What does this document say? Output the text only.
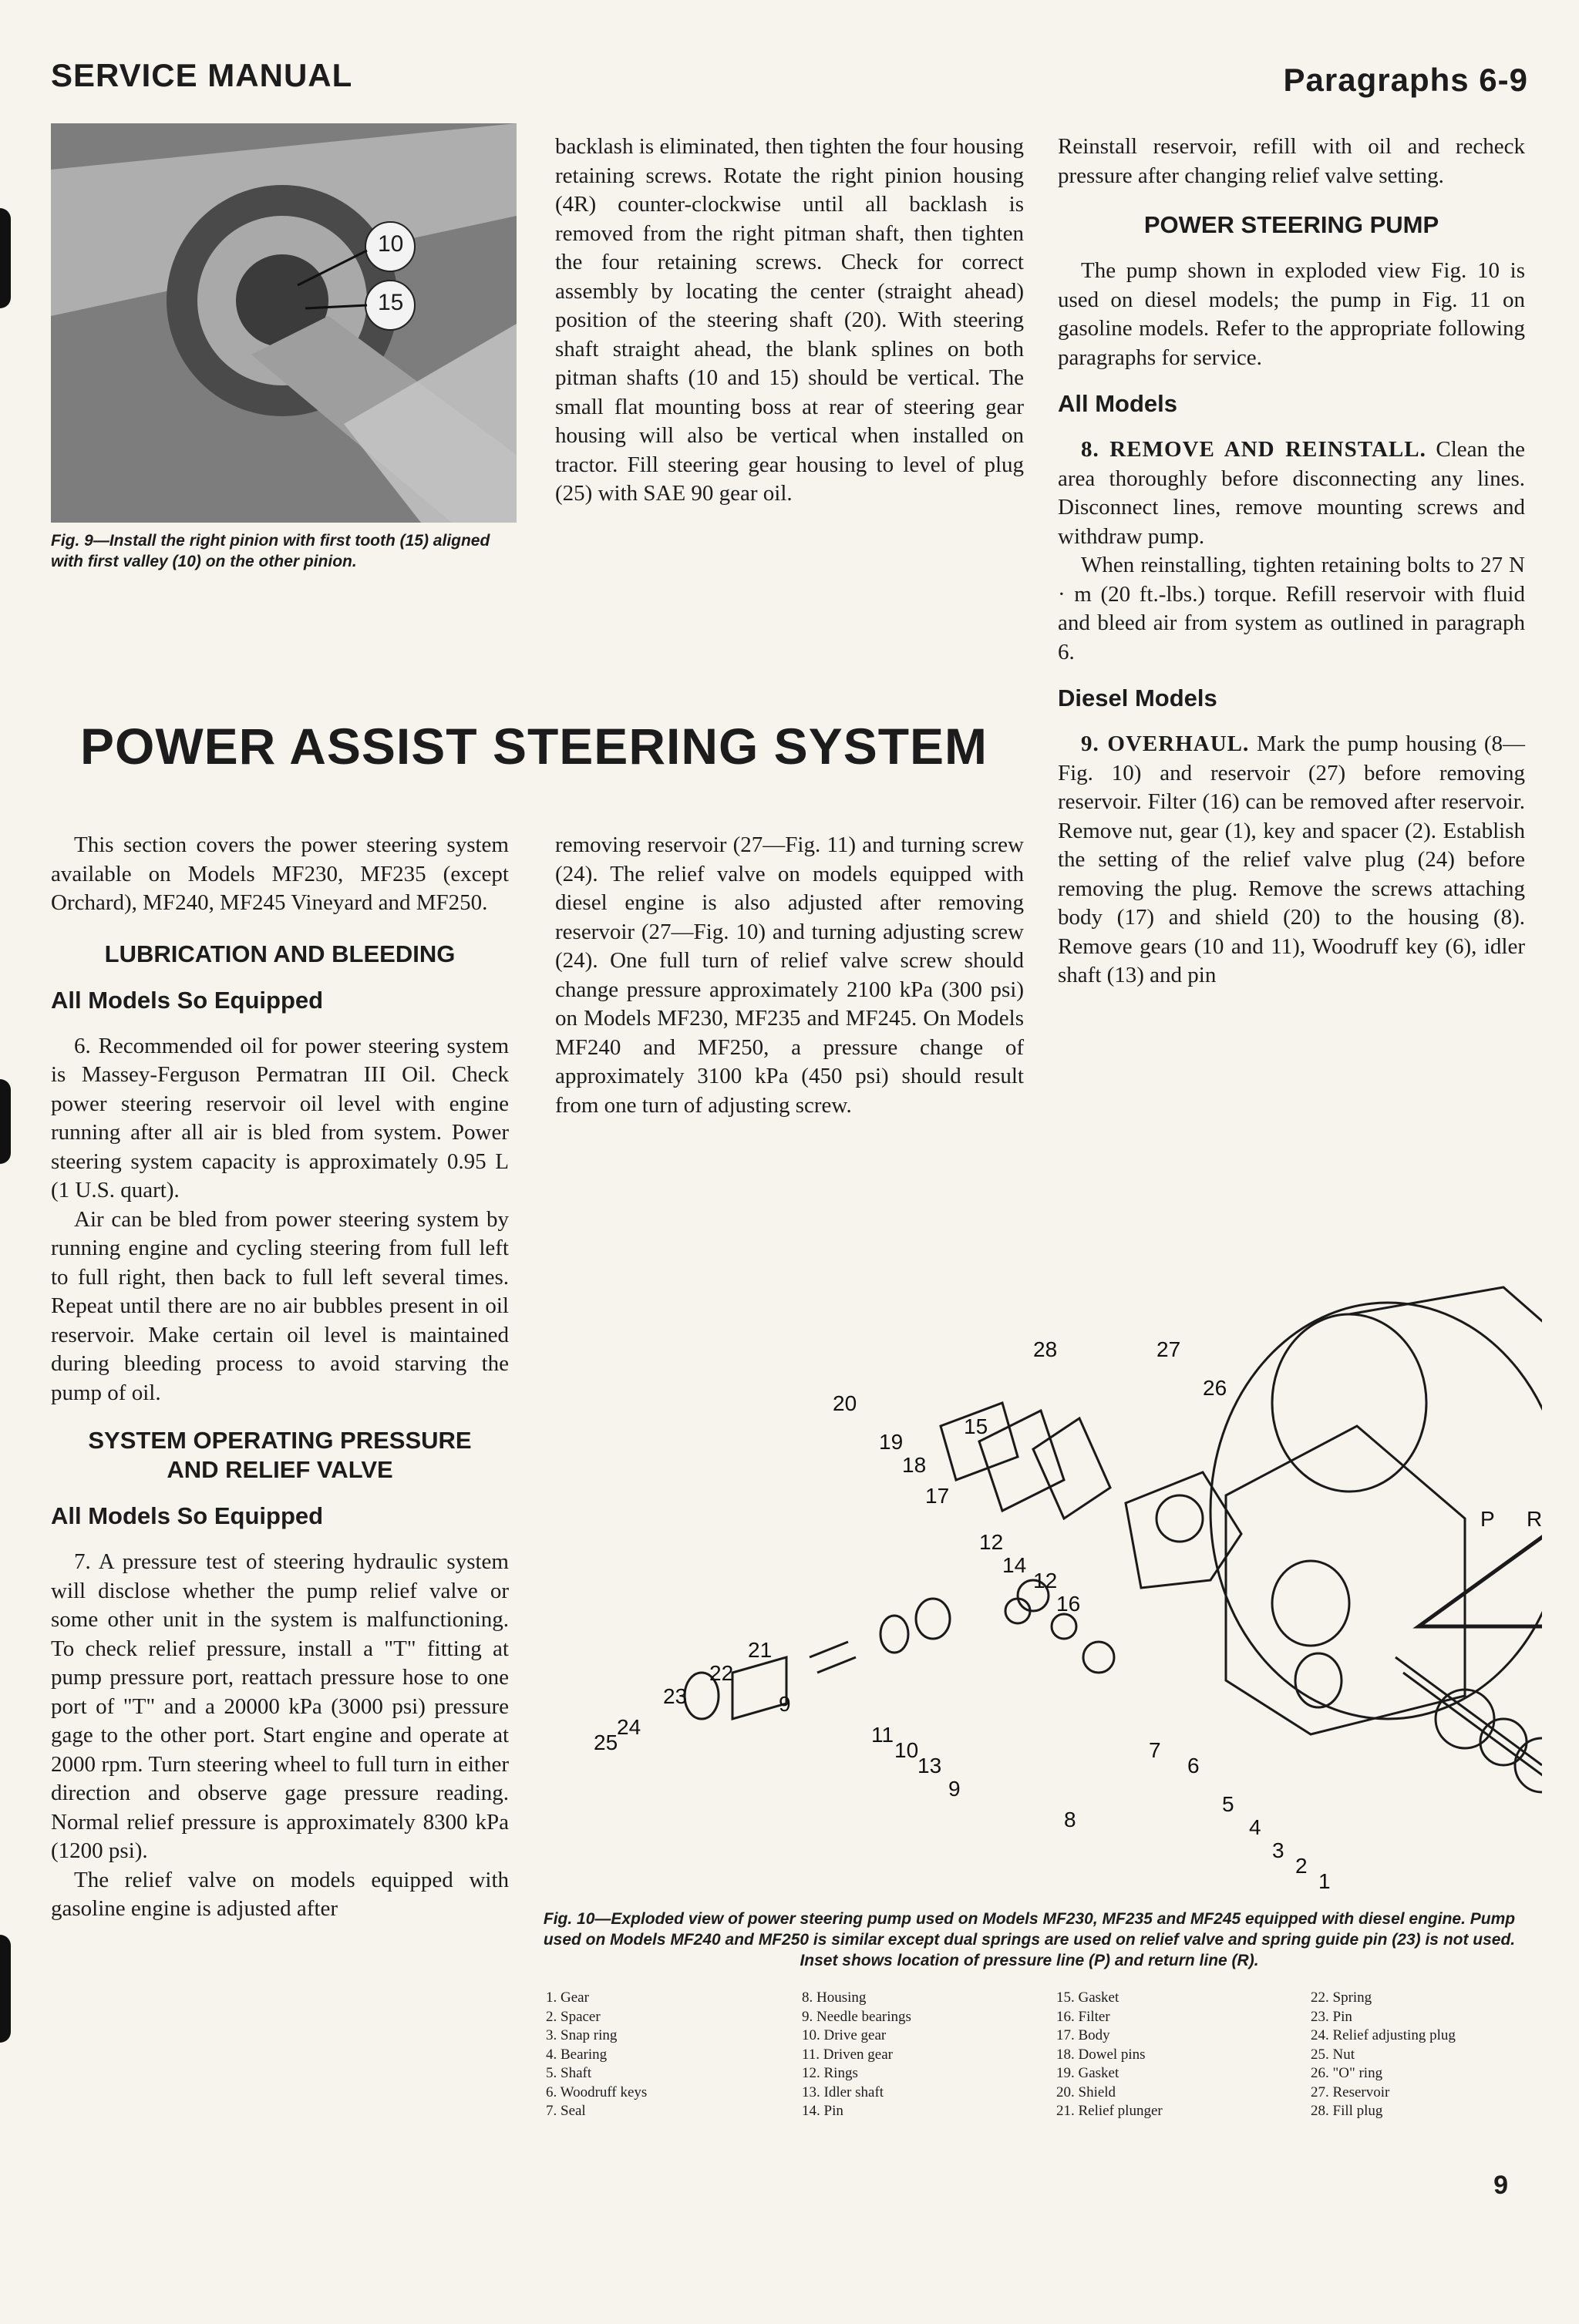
SERVICE MANUAL	Paragraphs 6-9
10
15
Fig. 9—Install the right pinion with first tooth (15) aligned with first valley (10) on the other pinion.

backlash is eliminated, then tighten the four housing retaining screws. Rotate the right pinion housing (4R) counter-clockwise until all backlash is removed from the right pitman shaft, then tighten the four retaining screws. Check for correct assembly by locating the center (straight ahead) position of the steering shaft (20). With steering shaft straight ahead, the blank splines on both pitman shafts (10 and 15) should be vertical. The small flat mounting boss at rear of steering gear housing will also be vertical when installed on tractor. Fill steering gear housing to level of plug (25) with SAE 90 gear oil.

Reinstall reservoir, refill with oil and recheck pressure after changing relief valve setting.

POWER STEERING PUMP

The pump shown in exploded view Fig. 10 is used on diesel models; the pump in Fig. 11 on gasoline models. Refer to the appropriate following paragraphs for service.

All Models

8. REMOVE AND REINSTALL. Clean the area thoroughly before disconnecting any lines. Disconnect lines, remove mounting screws and withdraw pump.

When reinstalling, tighten retaining bolts to 27 N · m (20 ft.-lbs.) torque. Refill reservoir with fluid and bleed air from system as outlined in paragraph 6.

Diesel Models

9. OVERHAUL. Mark the pump housing (8—Fig. 10) and reservoir (27) before removing reservoir. Filter (16) can be removed after reservoir. Remove nut, gear (1), key and spacer (2). Establish the setting of the relief valve plug (24) before removing the plug. Remove the screws attaching body (17) and shield (20) to the housing (8). Remove gears (10 and 11), Woodruff key (6), idler shaft (13) and pin

POWER ASSIST STEERING SYSTEM

This section covers the power steering system available on Models MF230, MF235 (except Orchard), MF240, MF245 Vineyard and MF250.

LUBRICATION AND BLEEDING
All Models So Equipped

6. Recommended oil for power steering system is Massey-Ferguson Permatran III Oil. Check power steering reservoir oil level with engine running after all air is bled from system. Power steering system capacity is approximately 0.95 L (1 U.S. quart).

Air can be bled from power steering system by running engine and cycling steering from full left to full right, then back to full left several times. Repeat until there are no air bubbles present in oil reservoir. Make certain oil level is maintained during bleeding process to avoid starving the pump of oil.

SYSTEM OPERATING PRESSURE
AND RELIEF VALVE
All Models So Equipped

7. A pressure test of steering hydraulic system will disclose whether the pump relief valve or some other unit in the system is malfunctioning. To check relief pressure, install a "T" fitting at pump pressure port, reattach pressure hose to one port of "T" and a 20000 kPa (3000 psi) pressure gage to the other port. Start engine and operate at 2000 rpm. Turn steering wheel to full turn in either direction and observe gage pressure reading. Normal relief pressure is approximately 8300 kPa (1200 psi).

The relief valve on models equipped with gasoline engine is adjusted after

removing reservoir (27—Fig. 11) and turning screw (24). The relief valve on models equipped with diesel engine is also adjusted after removing reservoir (27—Fig. 10) and turning adjusting screw (24). One full turn of relief valve screw should change pressure approximately 2100 kPa (300 psi) on Models MF230, MF235 and MF245. On Models MF240 and MF250, a pressure change of approximately 3100 kPa (450 psi) should result from one turn of adjusting screw.

28	27
26
20
19
18
15
17
12
14
12
16
P R
21
22
23
24
25
9
11
10
13
9
7
6
5
4
3
2
1
8
Fig. 10—Exploded view of power steering pump used on Models MF230, MF235 and MF245 equipped with diesel engine. Pump used on Models MF240 and MF250 is similar except dual springs are used on relief valve and spring guide pin (23) is not used. Inset shows location of pressure line (P) and return line (R).
1. Gear
2. Spacer
3. Snap ring
4. Bearing
5. Shaft
6. Woodruff keys
7. Seal
8. Housing
9. Needle bearings
10. Drive gear
11. Driven gear
12. Rings
13. Idler shaft
14. Pin
15. Gasket
16. Filter
17. Body
18. Dowel pins
19. Gasket
20. Shield
21. Relief plunger
22. Spring
23. Pin
24. Relief adjusting plug
25. Nut
26. "O" ring
27. Reservoir
28. Fill plug
9
